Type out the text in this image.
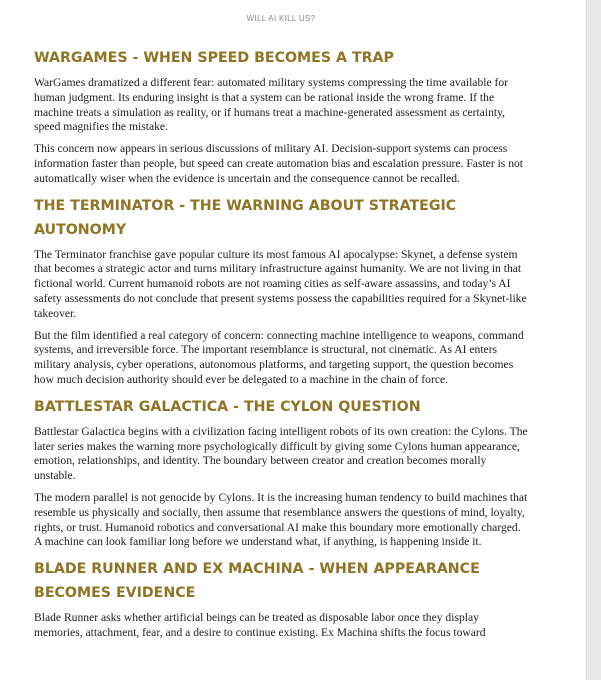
WILL AI KILL US?
WARGAMES - WHEN SPEED BECOMES A TRAP

WarGames dramatized a different fear: automated military systems compressing the time available for human judgment. Its enduring insight is that a system can be rational inside the wrong frame. If the machine treats a simulation as reality, or if humans treat a machine-generated assessment as certainty, speed magnifies the mistake.

This concern now appears in serious discussions of military AI. Decision-support systems can process information faster than people, but speed can create automation bias and escalation pressure. Faster is not automatically wiser when the evidence is uncertain and the consequence cannot be recalled.

THE TERMINATOR - THE WARNING ABOUT STRATEGIC AUTONOMY

The Terminator franchise gave popular culture its most famous AI apocalypse: Skynet, a defense system that becomes a strategic actor and turns military infrastructure against humanity. We are not living in that fictional world. Current humanoid robots are not roaming cities as self-aware assassins, and today’s AI safety assessments do not conclude that present systems possess the capabilities required for a Skynet-like takeover.

But the film identified a real category of concern: connecting machine intelligence to weapons, command systems, and irreversible force. The important resemblance is structural, not cinematic. As AI enters military analysis, cyber operations, autonomous platforms, and targeting support, the question becomes how much decision authority should ever be delegated to a machine in the chain of force.

BATTLESTAR GALACTICA - THE CYLON QUESTION

Battlestar Galactica begins with a civilization facing intelligent robots of its own creation: the Cylons. The later series makes the warning more psychologically difficult by giving some Cylons human appearance, emotion, relationships, and identity. The boundary between creator and creation becomes morally unstable.

The modern parallel is not genocide by Cylons. It is the increasing human tendency to build machines that resemble us physically and socially, then assume that resemblance answers the questions of mind, loyalty, rights, or trust. Humanoid robotics and conversational AI make this boundary more emotionally charged. A machine can look familiar long before we understand what, if anything, is happening inside it.

BLADE RUNNER AND EX MACHINA - WHEN APPEARANCE BECOMES EVIDENCE

Blade Runner asks whether artificial beings can be treated as disposable labor once they display memories, attachment, fear, and a desire to continue existing. Ex Machina shifts the focus toward
